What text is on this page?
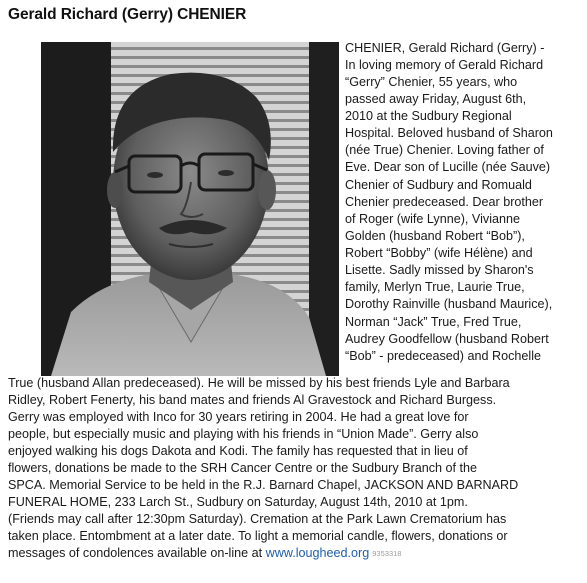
Gerald Richard (Gerry) CHENIER
CHENIER, Gerald Richard (Gerry) -
In loving memory of Gerald Richard
“Gerry” Chenier, 55 years, who
passed away Friday, August 6th,
2010 at the Sudbury Regional
Hospital. Beloved husband of Sharon
(née True) Chenier. Loving father of
Eve. Dear son of Lucille (née Sauve)
Chenier of Sudbury and Romuald
Chenier predeceased. Dear brother
of Roger (wife Lynne), Vivianne
Golden (husband Robert “Bob”),
Robert “Bobby” (wife Hélène) and
Lisette. Sadly missed by Sharon's
family, Merlyn True, Laurie True,
Dorothy Rainville (husband Maurice),
Norman “Jack” True, Fred True,
Audrey Goodfellow (husband Robert
“Bob” - predeceased) and Rochelle
True (husband Allan predeceased). He will be missed by his best friends Lyle and Barbara
Ridley, Robert Fenerty, his band mates and friends Al Gravestock and Richard Burgess.
Gerry was employed with Inco for 30 years retiring in 2004. He had a great love for
people, but especially music and playing with his friends in “Union Made”. Gerry also
enjoyed walking his dogs Dakota and Kodi. The family has requested that in lieu of
flowers, donations be made to the SRH Cancer Centre or the Sudbury Branch of the
SPCA. Memorial Service to be held in the R.J. Barnard Chapel, JACKSON AND BARNARD
FUNERAL HOME, 233 Larch St., Sudbury on Saturday, August 14th, 2010 at 1pm.
(Friends may call after 12:30pm Saturday). Cremation at the Park Lawn Crematorium has
taken place. Entombment at a later date. To light a memorial candle, flowers, donations or
messages of condolences available on-line at www.lougheed.org 9353318
